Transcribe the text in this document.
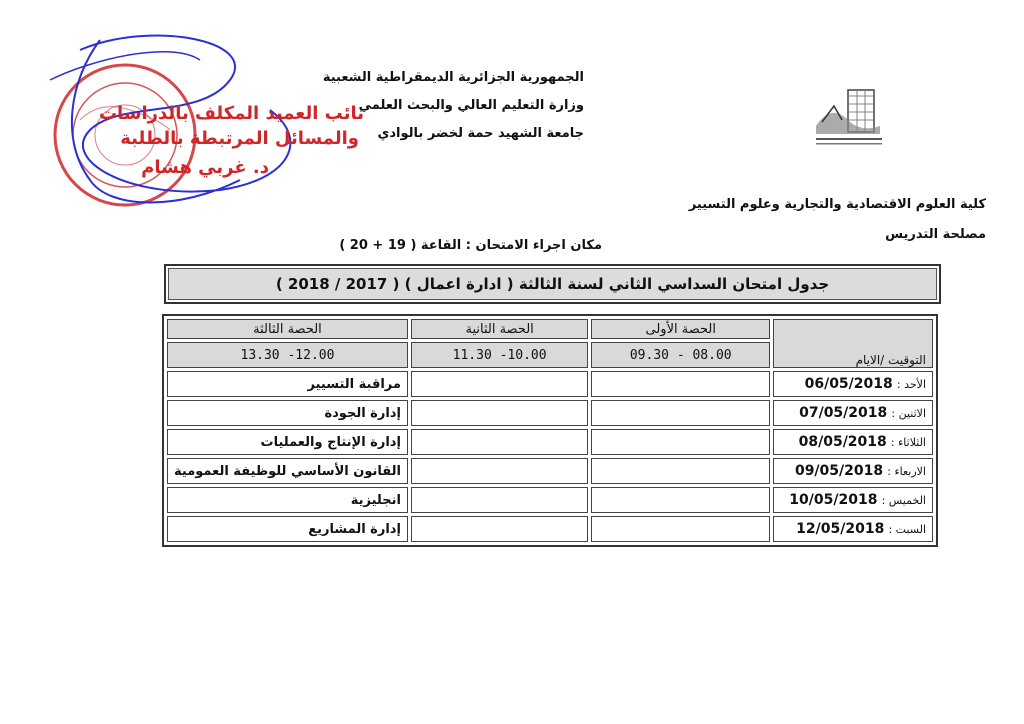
نائب العميد المكلف بالدراسات
والمسائل المرتبطة بالطلبة
د. غربي هشام
الجمهورية الجزائرية الديمقراطية الشعبية
وزارة التعليم العالي والبحث العلمي
جامعة الشهيد حمة لخضر بالوادي
كلية العلوم الاقتصادية والتجارية وعلوم التسيير
مصلحة التدريس
مكان اجراء الامتحان : القاعة ( 19 + 20 )
جدول امتحان السداسي الثاني لسنة الثالثة ( ادارة اعمال ) ( 2017 / 2018 )
التوقيت /الايام	الحصة الأولى	الحصة الثانية	الحصة الثالثة
	08.00 - 09.30	10.00- 11.30	12.00- 13.30
الأحد : 06/05/2018			مراقبة التسيير
الاثنين : 07/05/2018			إدارة الجودة
الثلاثاء : 08/05/2018			إدارة الإنتاج والعمليات
الاربعاء : 09/05/2018			القانون الأساسي للوظيفة العمومية
الخميس : 10/05/2018			انجليزية
السبت : 12/05/2018			إدارة المشاريع
